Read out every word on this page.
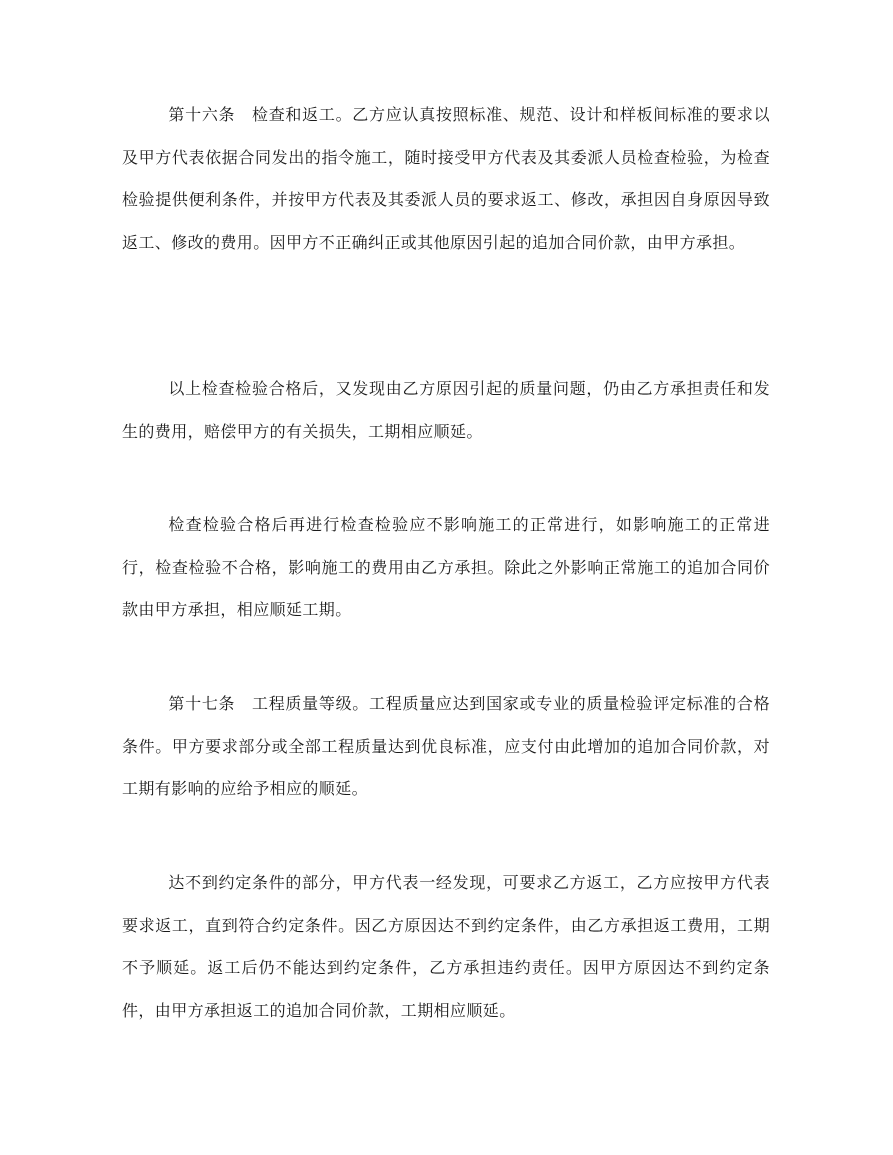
第十六条　检查和返工。乙方应认真按照标准、规范、设计和样板间标准的要求以及甲方代表依据合同发出的指令施工，随时接受甲方代表及其委派人员检查检验，为检查检验提供便利条件，并按甲方代表及其委派人员的要求返工、修改，承担因自身原因导致返工、修改的费用。因甲方不正确纠正或其他原因引起的追加合同价款，由甲方承担。

以上检查检验合格后，又发现由乙方原因引起的质量问题，仍由乙方承担责任和发生的费用，赔偿甲方的有关损失，工期相应顺延。

检查检验合格后再进行检查检验应不影响施工的正常进行，如影响施工的正常进行，检查检验不合格，影响施工的费用由乙方承担。除此之外影响正常施工的追加合同价款由甲方承担，相应顺延工期。

第十七条　工程质量等级。工程质量应达到国家或专业的质量检验评定标准的合格条件。甲方要求部分或全部工程质量达到优良标准，应支付由此增加的追加合同价款，对工期有影响的应给予相应的顺延。

达不到约定条件的部分，甲方代表一经发现，可要求乙方返工，乙方应按甲方代表要求返工，直到符合约定条件。因乙方原因达不到约定条件，由乙方承担返工费用，工期不予顺延。返工后仍不能达到约定条件，乙方承担违约责任。因甲方原因达不到约定条件，由甲方承担返工的追加合同价款，工期相应顺延。
